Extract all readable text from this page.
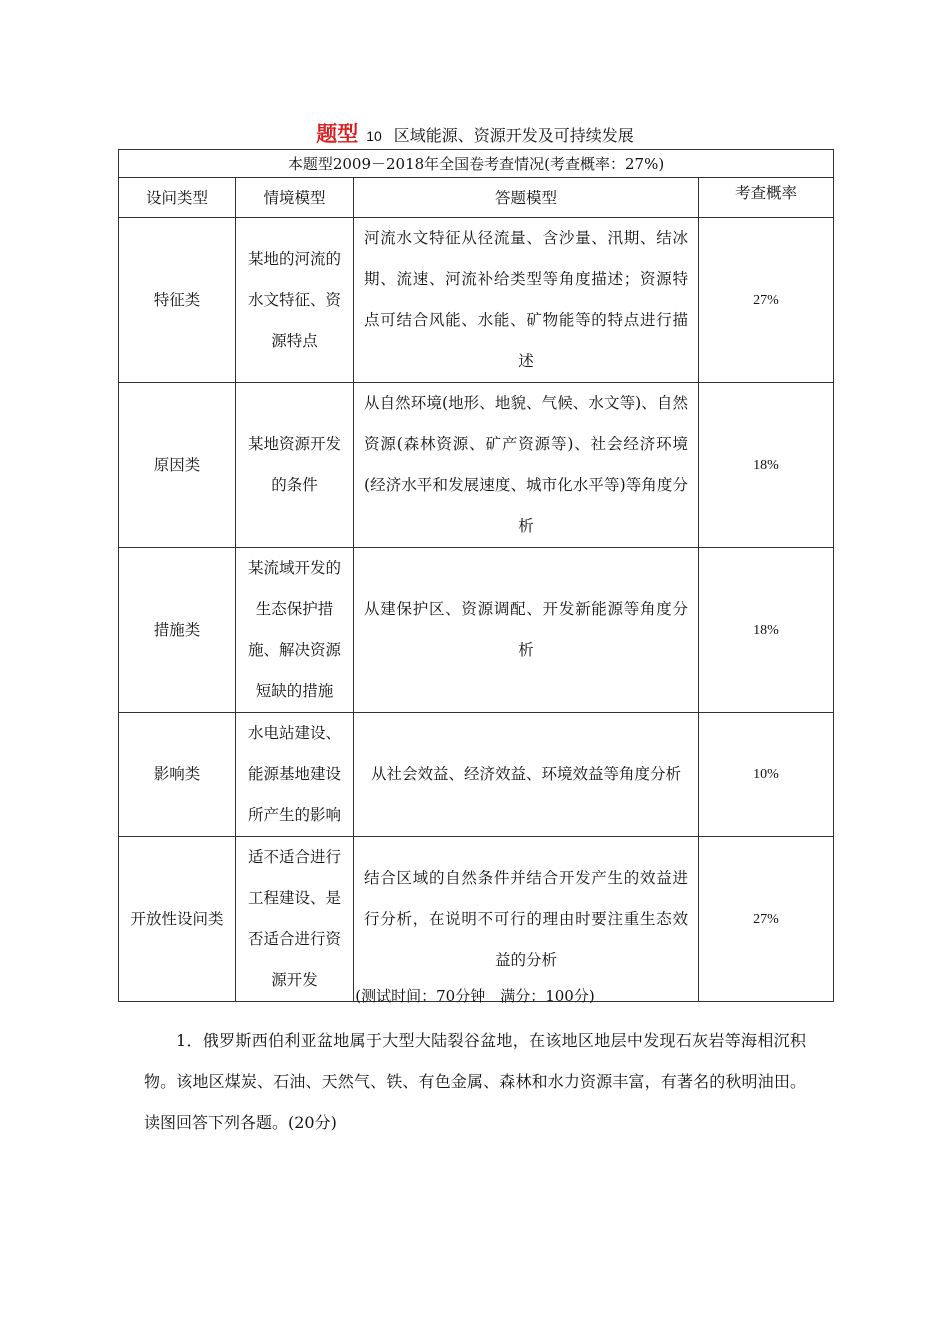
题型 10 区域能源、资源开发及可持续发展
本题型2009－2018年全国卷考查情况(考查概率：27%)			
设问类型	情境模型	答题模型	考查概率
特征类	某地的河流的水文特征、资源特点	河流水文特征从径流量、含沙量、汛期、结冰期、流速、河流补给类型等角度描述；资源特点可结合风能、水能、矿物能等的特点进行描述	27%
原因类	某地资源开发的条件	从自然环境(地形、地貌、气候、水文等)、自然资源(森林资源、矿产资源等)、社会经济环境(经济水平和发展速度、城市化水平等)等角度分析	18%
措施类	某流域开发的生态保护措施、解决资源短缺的措施	从建保护区、资源调配、开发新能源等角度分析	18%
影响类	水电站建设、能源基地建设所产生的影响	从社会效益、经济效益、环境效益等角度分析	10%
开放性设问类	适不适合进行工程建设、是否适合进行资源开发	结合区域的自然条件并结合开发产生的效益进行分析，在说明不可行的理由时要注重生态效益的分析	27%
(测试时间：70分钟　满分：100分)

1．俄罗斯西伯利亚盆地属于大型大陆裂谷盆地，在该地区地层中发现石灰岩等海相沉积物。该地区煤炭、石油、天然气、铁、有色金属、森林和水力资源丰富，有著名的秋明油田。读图回答下列各题。(20分)
